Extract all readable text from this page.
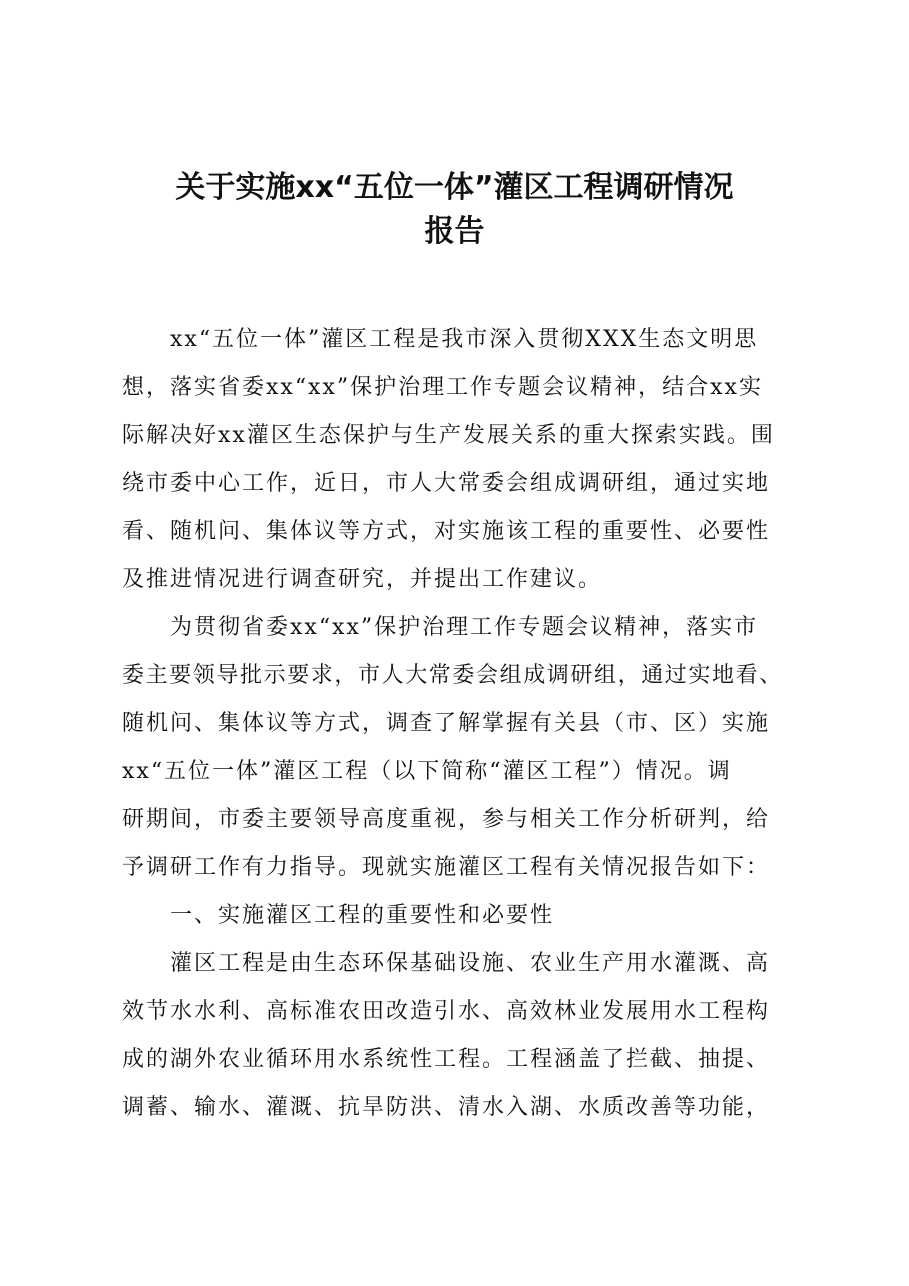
关于实施xx“五位一体”灌区工程调研情况
报告

xx“五位一体”灌区工程是我市深入贯彻XXX生态文明思

想，落实省委xx“xx”保护治理工作专题会议精神，结合xx实

际解决好xx灌区生态保护与生产发展关系的重大探索实践。围

绕市委中心工作，近日，市人大常委会组成调研组，通过实地

看、随机问、集体议等方式，对实施该工程的重要性、必要性

及推进情况进行调查研究，并提出工作建议。

为贯彻省委xx“xx”保护治理工作专题会议精神，落实市

委主要领导批示要求，市人大常委会组成调研组，通过实地看、

随机问、集体议等方式，调查了解掌握有关县（市、区）实施

xx“五位一体”灌区工程（以下简称“灌区工程”）情况。调

研期间，市委主要领导高度重视，参与相关工作分析研判，给

予调研工作有力指导。现就实施灌区工程有关情况报告如下：

一、实施灌区工程的重要性和必要性

灌区工程是由生态环保基础设施、农业生产用水灌溉、高

效节水水利、高标准农田改造引水、高效林业发展用水工程构

成的湖外农业循环用水系统性工程。工程涵盖了拦截、抽提、

调蓄、输水、灌溉、抗旱防洪、清水入湖、水质改善等功能，
